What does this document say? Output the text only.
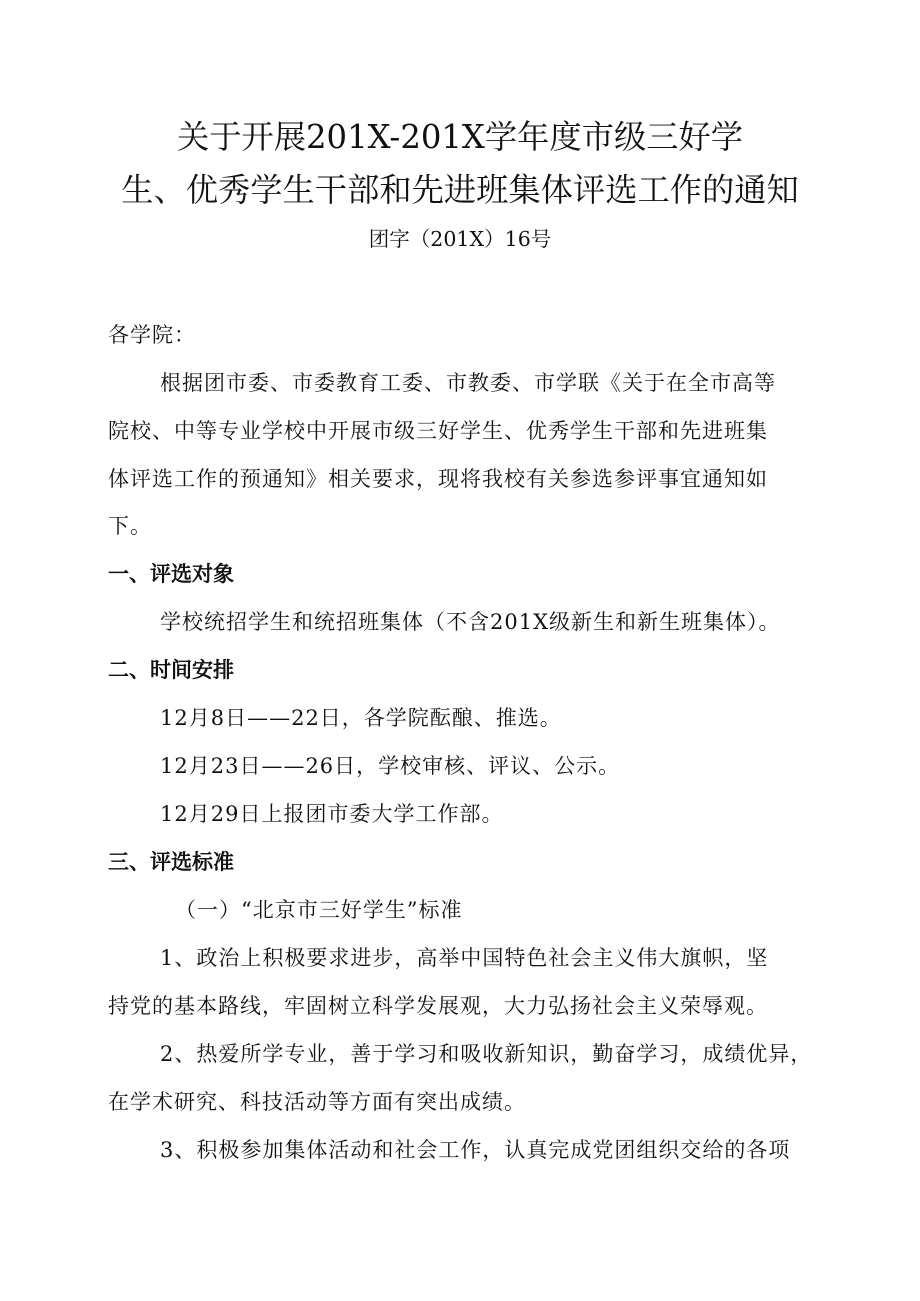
关于开展201X-201X学年度市级三好学
生、优秀学生干部和先进班集体评选工作的通知
团字（201X）16号
各学院：
根据团市委、市委教育工委、市教委、市学联《关于在全市高等
院校、中等专业学校中开展市级三好学生、优秀学生干部和先进班集
体评选工作的预通知》相关要求，现将我校有关参选参评事宜通知如
下。
一、评选对象
学校统招学生和统招班集体（不含201X级新生和新生班集体）。
二、时间安排
12月8日——22日，各学院酝酿、推选。
12月23日——26日，学校审核、评议、公示。
12月29日上报团市委大学工作部。
三、评选标准
（一）“北京市三好学生”标准
1、政治上积极要求进步，高举中国特色社会主义伟大旗帜，坚
持党的基本路线，牢固树立科学发展观，大力弘扬社会主义荣辱观。
2、热爱所学专业，善于学习和吸收新知识，勤奋学习，成绩优异，
在学术研究、科技活动等方面有突出成绩。
3、积极参加集体活动和社会工作，认真完成党团组织交给的各项
